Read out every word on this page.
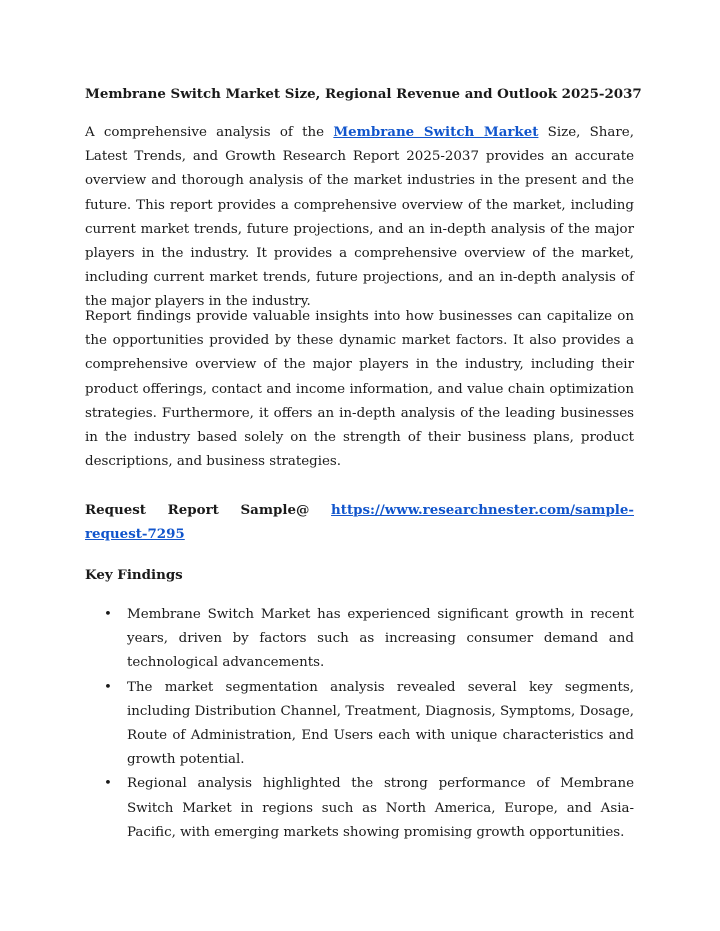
Membrane Switch Market Size, Regional Revenue and Outlook 2025-2037

A comprehensive analysis of the Membrane Switch Market Size, Share, Latest Trends, and Growth Research Report 2025-2037 provides an accurate overview and thorough analysis of the market industries in the present and the future. This report provides a comprehensive overview of the market, including current market trends, future projections, and an in-depth analysis of the major players in the industry. It provides a comprehensive overview of the market, including current market trends, future projections, and an in-depth analysis of the major players in the industry.

Report findings provide valuable insights into how businesses can capitalize on the opportunities provided by these dynamic market factors. It also provides a comprehensive overview of the major players in the industry, including their product offerings, contact and income information, and value chain optimization strategies. Furthermore, it offers an in-depth analysis of the leading businesses in the industry based solely on the strength of their business plans, product descriptions, and business strategies.

Request Report Sample@ https://www.researchnester.com/sample-
request-7295
Key Findings
• Membrane Switch Market has experienced significant growth in recent years, driven by factors such as increasing consumer demand and technological advancements.
• The market segmentation analysis revealed several key segments, including Distribution Channel, Treatment, Diagnosis, Symptoms, Dosage, Route of Administration, End Users each with unique characteristics and growth potential.
• Regional analysis highlighted the strong performance of Membrane Switch Market in regions such as North America, Europe, and Asia-Pacific, with emerging markets showing promising growth opportunities.
